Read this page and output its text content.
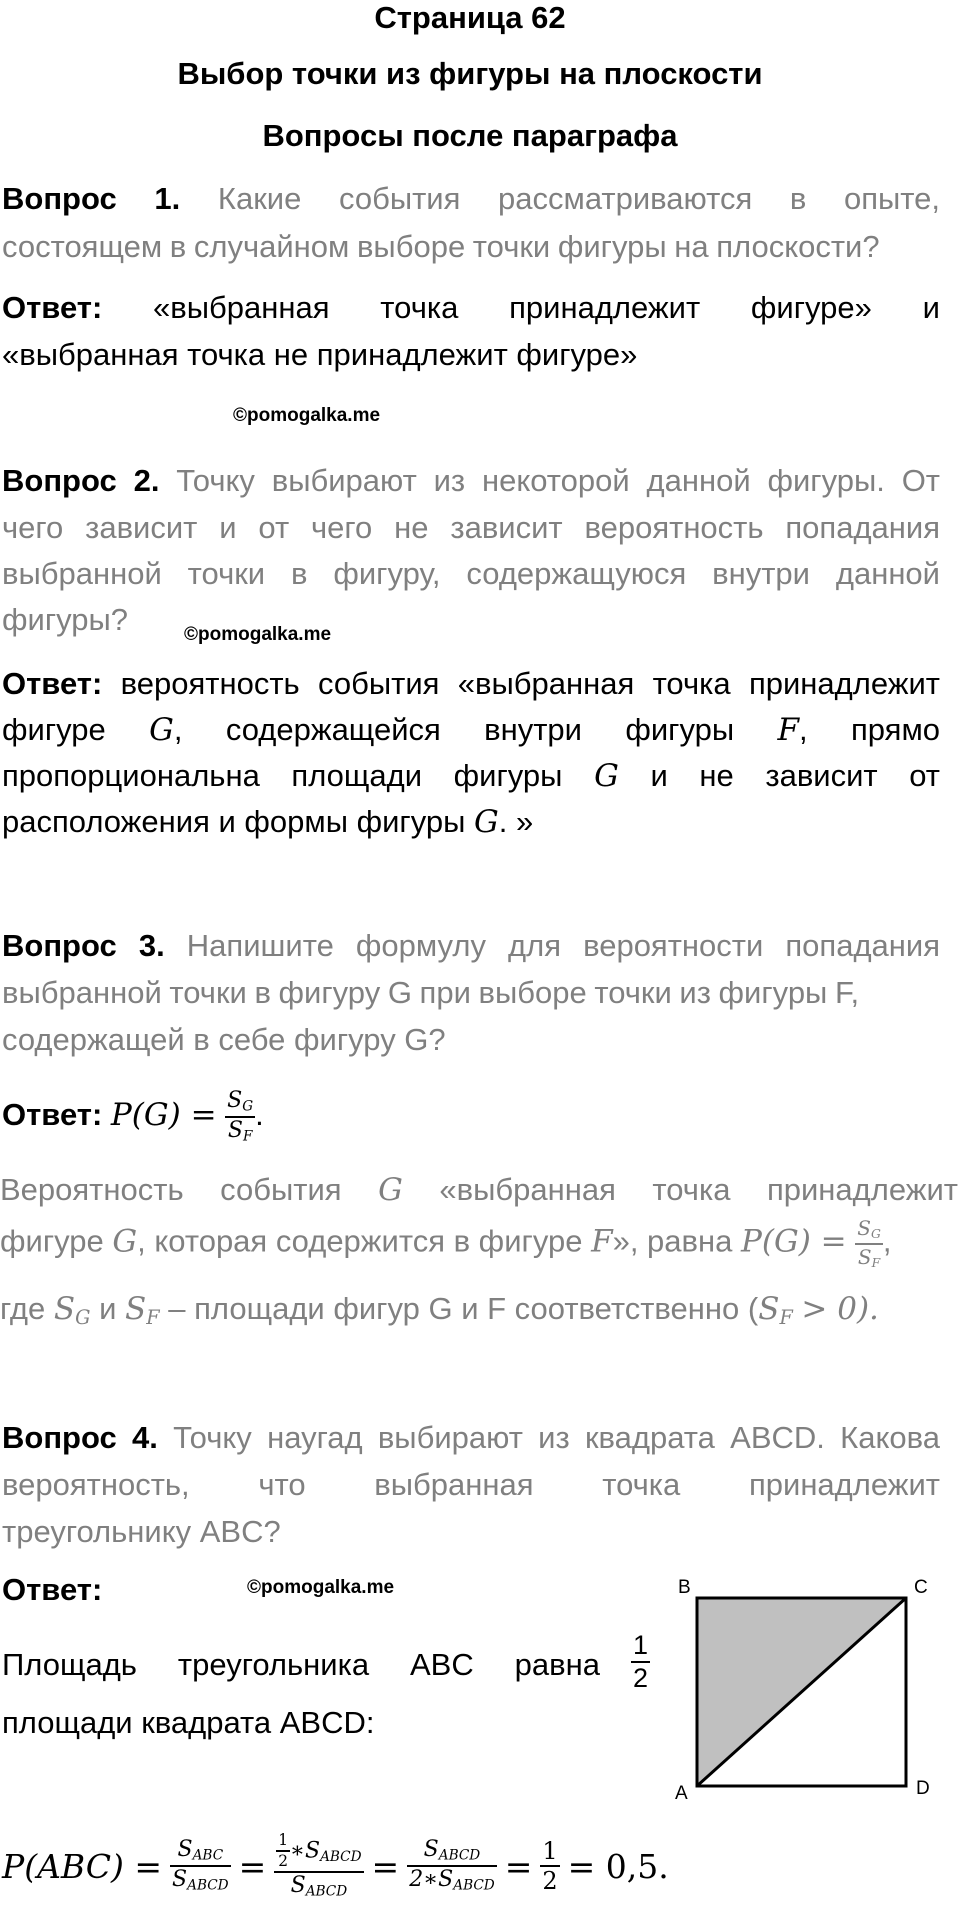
Страница 62
Выбор точки из фигуры на плоскости
Вопросы после параграфа
Вопрос 1. Какие события рассматриваются в опыте,
состоящем в случайном выборе точки фигуры на плоскости?
Ответ: «выбранная точка принадлежит фигуре» и
«выбранная точка не принадлежит фигуре»
©pomogalka.me
Вопрос 2. Точку выбирают из некоторой данной фигуры. От
чего зависит и от чего не зависит вероятность попадания
выбранной точки в фигуру, содержащуюся внутри данной
фигуры?	©pomogalka.me
Ответ: вероятность события «выбранная точка принадлежит
фигуре G, содержащейся внутри фигуры F, прямо
пропорциональна площади фигуры G и не зависит от
расположения и формы фигуры G. »
Вопрос 3. Напишите формулу для вероятности попадания
выбранной точки в фигуру G при выборе точки из фигуры F,
содержащей в себе фигуру G?
Ответ: $P(G) = \frac{S_G}{S_F}$ .
Вероятность события G «выбранная точка принадлежит
фигуре G, которая содержится в фигуре F», равна $P(G) = \frac{S_G}{S_F}$ ,
где $S_G$ и $S_F$ – площади фигур G и F соответственно $(S_F > 0)$.
Вопрос 4. Точку наугад выбирают из квадрата ABCD. Какова
вероятность, что выбранная точка принадлежит
треугольнику ABC?
Ответ:	©pomogalka.me
Площадь треугольника ABC равна $\frac{1}{2}$
площади квадрата ABCD:
B	C
A	D
$P(ABC) = \frac{S_{ABC}}{S_{ABCD}} = \frac{\frac{1}{2} ∗S_{ABCD}}{S_{ABCD}} = \frac{S_{ABCD}}{2∗S_{ABCD}} = \frac{1}{2} = 0,5$.
